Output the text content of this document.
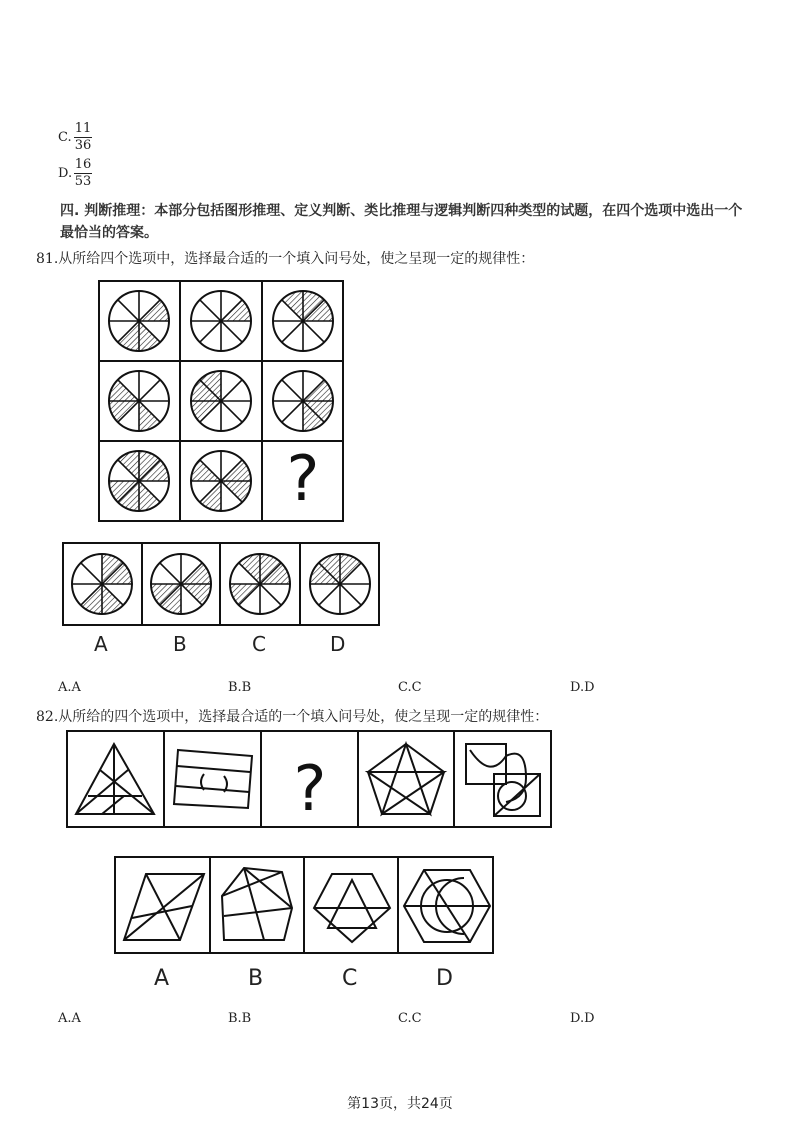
C.
11
36
D.
16
53
四. 判断推理：本部分包括图形推理、定义判断、类比推理与逻辑判断四种类型的试题，在四个选项中选出一个最恰当的答案。
81.从所给四个选项中，选择最合适的一个填入问号处，使之呈现一定的规律性：
?
A	B	C	D
A.A	B.B	C.C	D.D
82.从所给的四个选项中，选择最合适的一个填入问号处，使之呈现一定的规律性：
?
A	B	C	D
A.A	B.B	C.C	D.D
第13页，共24页
